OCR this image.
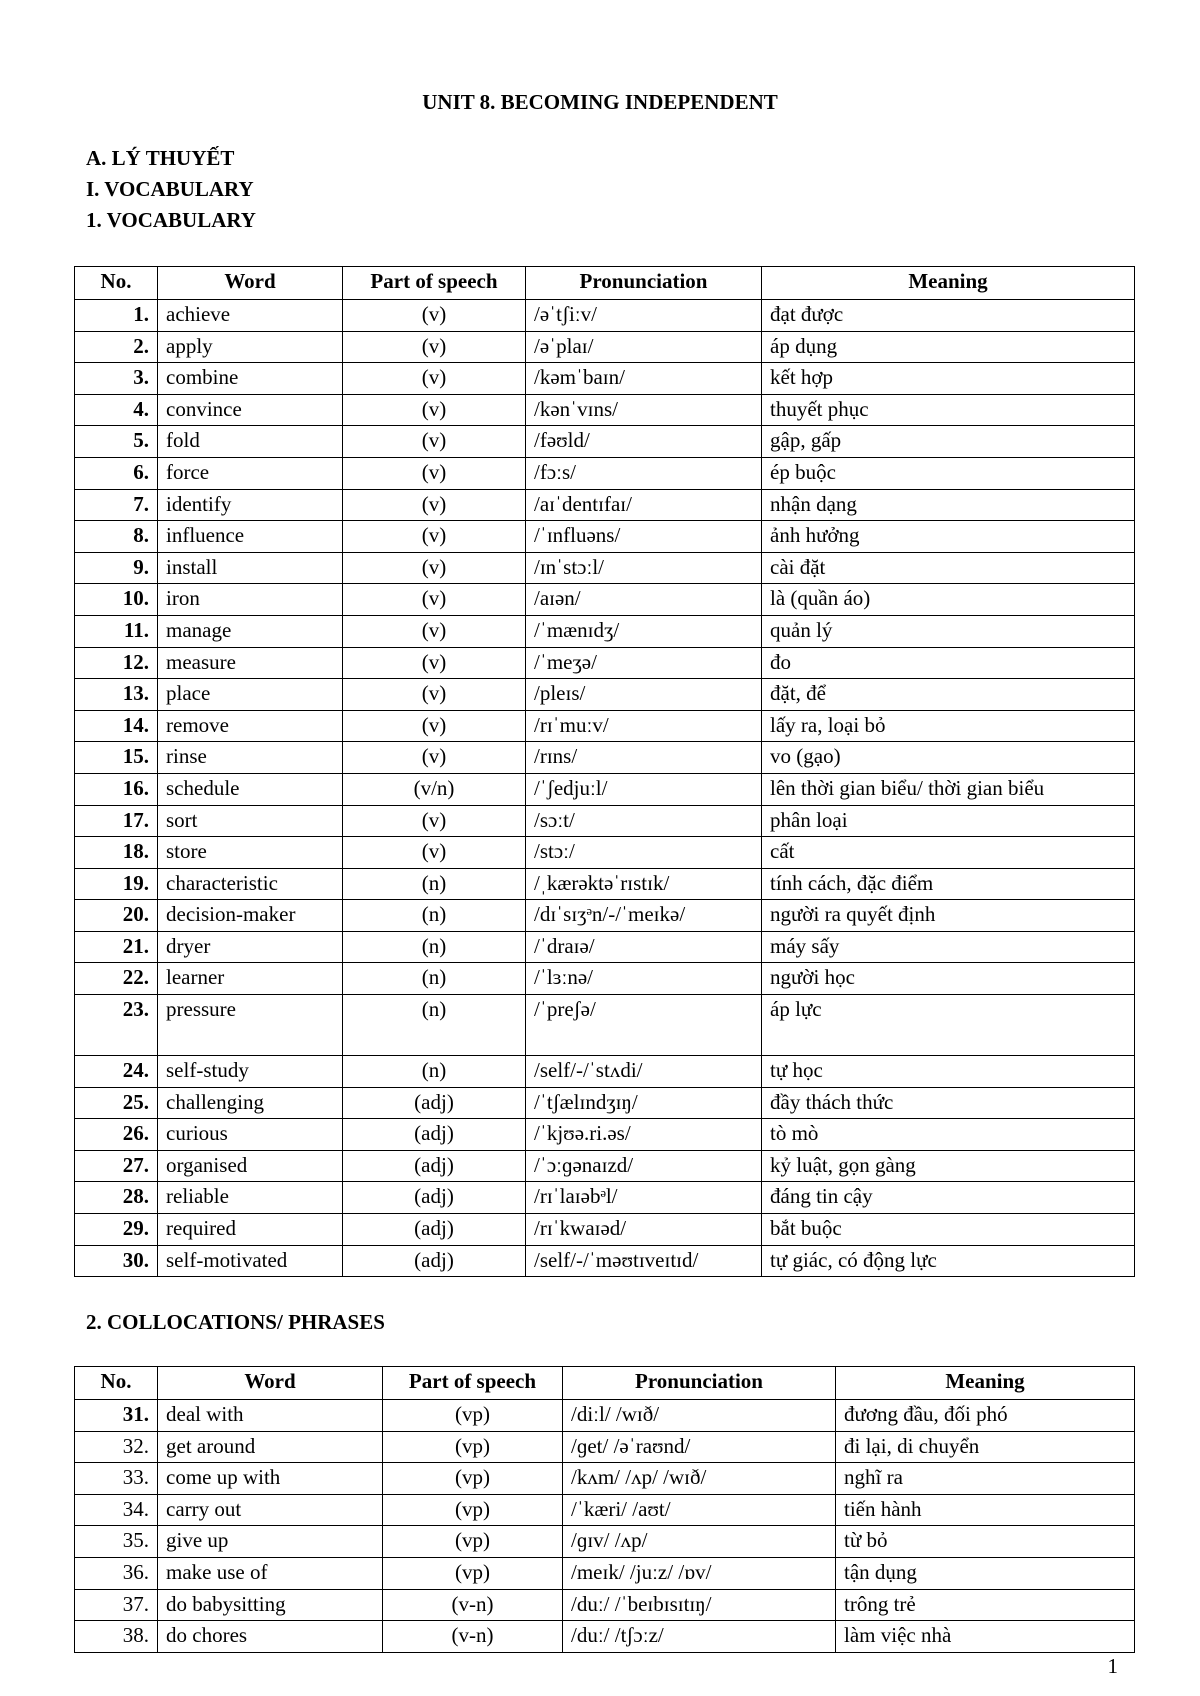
UNIT 8. BECOMING INDEPENDENT
A. LÝ THUYẾT
I. VOCABULARY
1. VOCABULARY
No.	Word	Part of speech	Pronunciation	Meaning
1.	achieve	(v)	/əˈtʃiːv/	đạt được
2.	apply	(v)	/əˈplaɪ/	áp dụng
3.	combine	(v)	/kəmˈbaɪn/	kết hợp
4.	convince	(v)	/kənˈvɪns/	thuyết phục
5.	fold	(v)	/fəʊld/	gập, gấp
6.	force	(v)	/fɔːs/	ép buộc
7.	identify	(v)	/aɪˈdentɪfaɪ/	nhận dạng
8.	influence	(v)	/ˈɪnfluəns/	ảnh hưởng
9.	install	(v)	/ɪnˈstɔːl/	cài đặt
10.	iron	(v)	/aɪən/	là (quần áo)
11.	manage	(v)	/ˈmænɪdʒ/	quản lý
12.	measure	(v)	/ˈmeʒə/	đo
13.	place	(v)	/pleɪs/	đặt, để
14.	remove	(v)	/rɪˈmuːv/	lấy ra, loại bỏ
15.	rinse	(v)	/rɪns/	vo (gạo)
16.	schedule	(v/n)	/ˈʃedjuːl/	lên thời gian biểu/ thời gian biểu
17.	sort	(v)	/sɔːt/	phân loại
18.	store	(v)	/stɔː/	cất
19.	characteristic	(n)	/ˌkærəktəˈrɪstɪk/	tính cách, đặc điểm
20.	decision-maker	(n)	/dɪˈsɪʒᵊn/-/ˈmeɪkə/	người ra quyết định
21.	dryer	(n)	/ˈdraɪə/	máy sấy
22.	learner	(n)	/ˈlɜːnə/	người học
23.	pressure	(n)	/ˈpreʃə/	áp lực
24.	self-study	(n)	/self/-/ˈstʌdi/	tự học
25.	challenging	(adj)	/ˈtʃælɪndʒɪŋ/	đầy thách thức
26.	curious	(adj)	/ˈkjʊə.ri.əs/	tò mò
27.	organised	(adj)	/ˈɔːɡənaɪzd/	kỷ luật, gọn gàng
28.	reliable	(adj)	/rɪˈlaɪəbᵊl/	đáng tin cậy
29.	required	(adj)	/rɪˈkwaɪəd/	bắt buộc
30.	self-motivated	(adj)	/self/-/ˈməʊtɪveɪtɪd/	tự giác, có động lực
2. COLLOCATIONS/ PHRASES
No.	Word	Part of speech	Pronunciation	Meaning
31.	deal with	(vp)	/diːl/ /wɪð/	đương đầu, đối phó
32.	get around	(vp)	/ɡet/ /əˈraʊnd/	đi lại, di chuyển
33.	come up with	(vp)	/kʌm/ /ʌp/ /wɪð/	nghĩ ra
34.	carry out	(vp)	/ˈkæri/ /aʊt/	tiến hành
35.	give up	(vp)	/ɡɪv/ /ʌp/	từ bỏ
36.	make use of	(vp)	/meɪk/ /juːz/ /ɒv/	tận dụng
37.	do babysitting	(v-n)	/duː/ /ˈbeɪbɪsɪtɪŋ/	trông trẻ
38.	do chores	(v-n)	/duː/ /tʃɔːz/	làm việc nhà
1
